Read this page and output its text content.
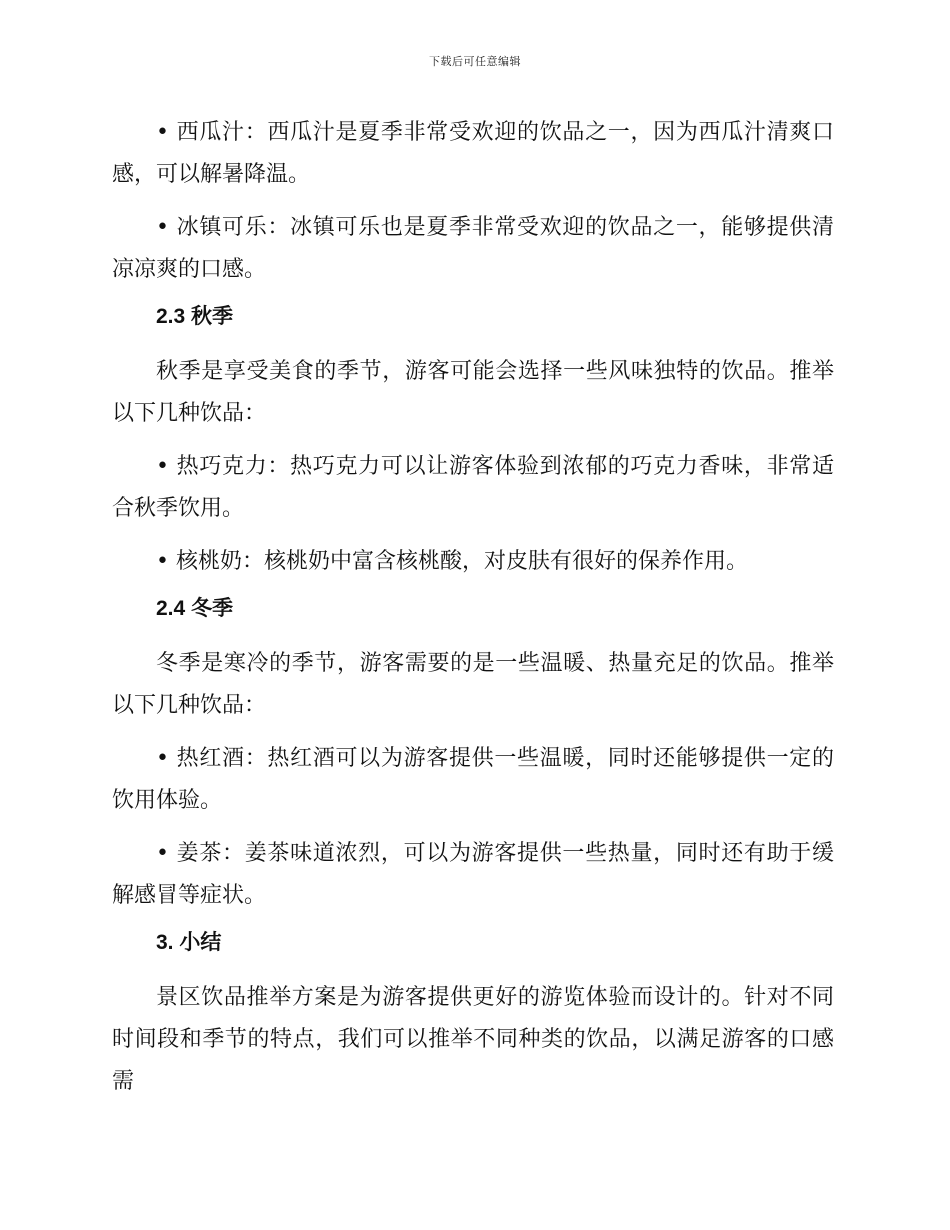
下载后可任意编辑

• 西瓜汁：西瓜汁是夏季非常受欢迎的饮品之一，因为西瓜汁清爽口感，可以解暑降温。

• 冰镇可乐：冰镇可乐也是夏季非常受欢迎的饮品之一，能够提供清凉凉爽的口感。

2.3 秋季

秋季是享受美食的季节，游客可能会选择一些风味独特的饮品。推举以下几种饮品：

• 热巧克力：热巧克力可以让游客体验到浓郁的巧克力香味，非常适合秋季饮用。

• 核桃奶：核桃奶中富含核桃酸，对皮肤有很好的保养作用。

2.4 冬季

冬季是寒冷的季节，游客需要的是一些温暖、热量充足的饮品。推举以下几种饮品：

• 热红酒：热红酒可以为游客提供一些温暖，同时还能够提供一定的饮用体验。

• 姜茶：姜茶味道浓烈，可以为游客提供一些热量，同时还有助于缓解感冒等症状。

3. 小结

景区饮品推举方案是为游客提供更好的游览体验而设计的。针对不同时间段和季节的特点，我们可以推举不同种类的饮品，以满足游客的口感需
